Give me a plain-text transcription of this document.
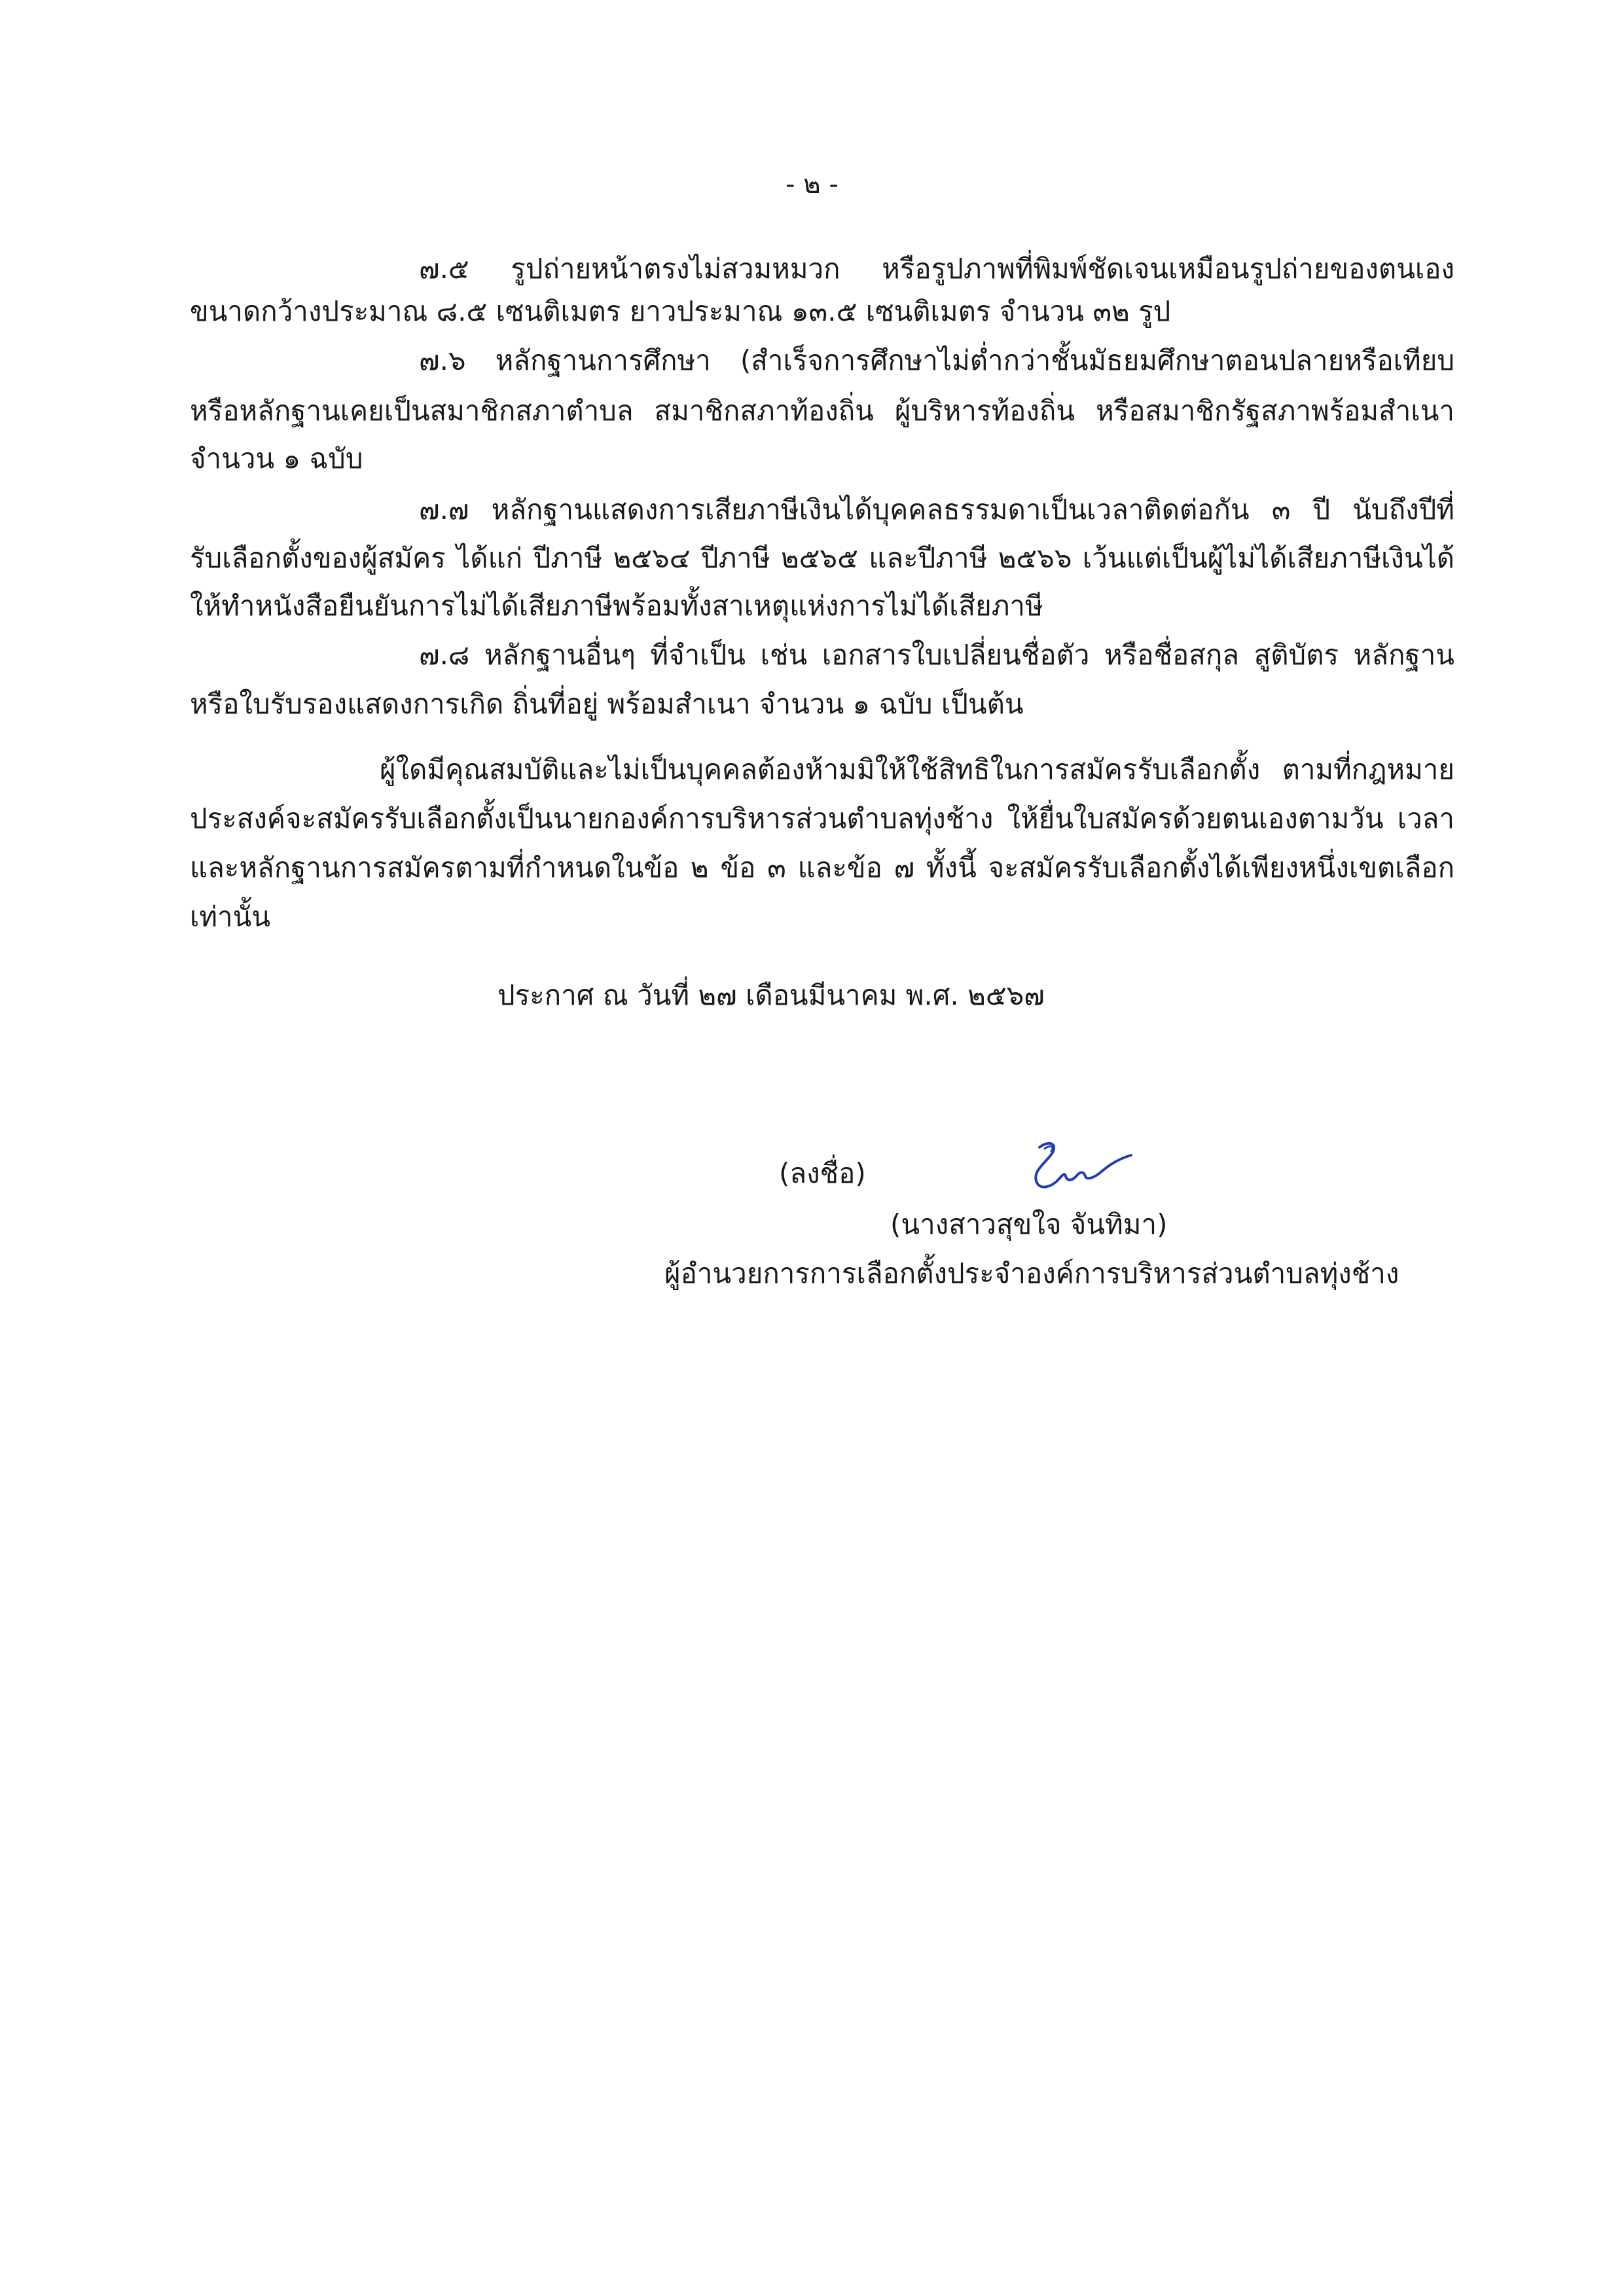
- ๒ -
๗.๕ รูปถ่ายหน้าตรงไม่สวมหมวก หรือรูปภาพที่พิมพ์ชัดเจนเหมือนรูปถ่ายของตนเอง
ขนาดกว้างประมาณ ๘.๕ เซนติเมตร ยาวประมาณ ๑๓.๕ เซนติเมตร จำนวน ๓๒ รูป
๗.๖ หลักฐานการศึกษา (สำเร็จการศึกษาไม่ต่ำกว่าชั้นมัธยมศึกษาตอนปลายหรือเทียบ
หรือหลักฐานเคยเป็นสมาชิกสภาตำบล สมาชิกสภาท้องถิ่น ผู้บริหารท้องถิ่น หรือสมาชิกรัฐสภาพร้อมสำเนา
จำนวน ๑ ฉบับ
๗.๗ หลักฐานแสดงการเสียภาษีเงินได้บุคคลธรรมดาเป็นเวลาติดต่อกัน ๓ ปี นับถึงปีที่
รับเลือกตั้งของผู้สมัคร ได้แก่ ปีภาษี ๒๕๖๔ ปีภาษี ๒๕๖๕ และปีภาษี ๒๕๖๖ เว้นแต่เป็นผู้ไม่ได้เสียภาษีเงินได้
ให้ทำหนังสือยืนยันการไม่ได้เสียภาษีพร้อมทั้งสาเหตุแห่งการไม่ได้เสียภาษี
๗.๘ หลักฐานอื่นๆ ที่จำเป็น เช่น เอกสารใบเปลี่ยนชื่อตัว หรือชื่อสกุล สูติบัตร หลักฐาน
หรือใบรับรองแสดงการเกิด ถิ่นที่อยู่ พร้อมสำเนา จำนวน ๑ ฉบับ เป็นต้น
ผู้ใดมีคุณสมบัติและไม่เป็นบุคคลต้องห้ามมิให้ใช้สิทธิในการสมัครรับเลือกตั้ง ตามที่กฎหมาย
ประสงค์จะสมัครรับเลือกตั้งเป็นนายกองค์การบริหารส่วนตำบลทุ่งช้าง ให้ยื่นใบสมัครด้วยตนเองตามวัน เวลา
และหลักฐานการสมัครตามที่กำหนดในข้อ ๒ ข้อ ๓ และข้อ ๗ ทั้งนี้ จะสมัครรับเลือกตั้งได้เพียงหนึ่งเขตเลือก
เท่านั้น
ประกาศ ณ วันที่ ๒๗ เดือนมีนาคม พ.ศ. ๒๕๖๗
(ลงชื่อ)
(นางสาวสุขใจ จันทิมา)
ผู้อำนวยการการเลือกตั้งประจำองค์การบริหารส่วนตำบลทุ่งช้าง
